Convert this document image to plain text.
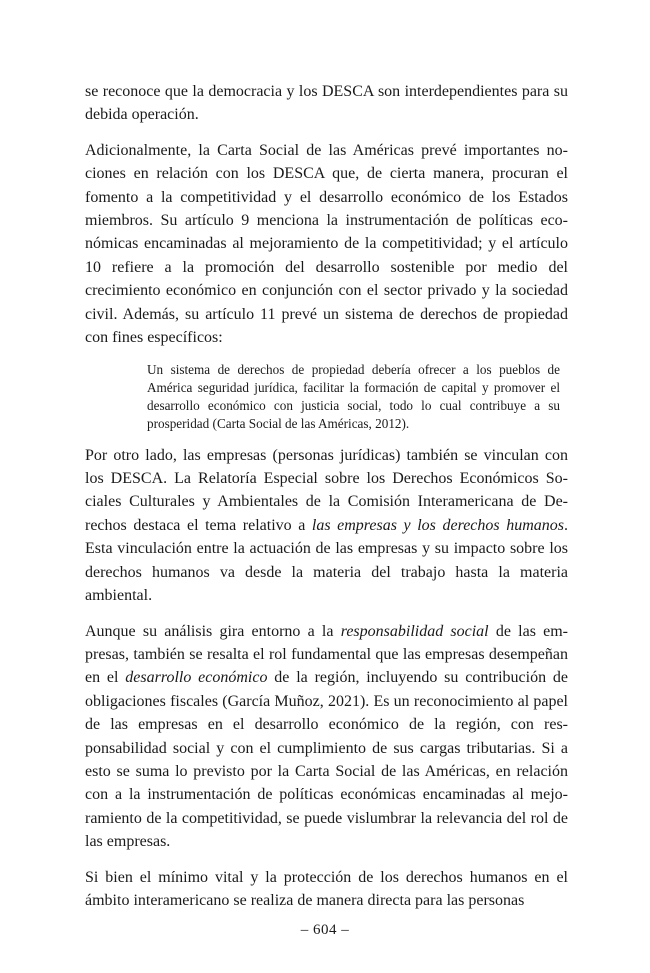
se reconoce que la democracia y los DESCA son interdependientes para su debida operación.

Adicionalmente, la Carta Social de las Américas prevé importantes nociones en relación con los DESCA que, de cierta manera, procuran el fomento a la competitividad y el desarrollo económico de los Estados miembros. Su artículo 9 menciona la instrumentación de políticas económicas encaminadas al mejoramiento de la competitividad; y el artículo 10 refiere a la promoción del desarrollo sostenible por medio del crecimiento económico en conjunción con el sector privado y la sociedad civil. Además, su artículo 11 prevé un sistema de derechos de propiedad con fines específicos:

Un sistema de derechos de propiedad debería ofrecer a los pueblos de América seguridad jurídica, facilitar la formación de capital y promover el desarrollo económico con justicia social, todo lo cual contribuye a su prosperidad (Carta Social de las Américas, 2012).

Por otro lado, las empresas (personas jurídicas) también se vinculan con los DESCA. La Relatoría Especial sobre los Derechos Económicos Sociales Culturales y Ambientales de la Comisión Interamericana de Derechos destaca el tema relativo a las empresas y los derechos humanos. Esta vinculación entre la actuación de las empresas y su impacto sobre los derechos humanos va desde la materia del trabajo hasta la materia ambiental.

Aunque su análisis gira entorno a la responsabilidad social de las empresas, también se resalta el rol fundamental que las empresas desempeñan en el desarrollo económico de la región, incluyendo su contribución de obligaciones fiscales (García Muñoz, 2021). Es un reconocimiento al papel de las empresas en el desarrollo económico de la región, con responsabilidad social y con el cumplimiento de sus cargas tributarias. Si a esto se suma lo previsto por la Carta Social de las Américas, en relación con a la instrumentación de políticas económicas encaminadas al mejoramiento de la competitividad, se puede vislumbrar la relevancia del rol de las empresas.

Si bien el mínimo vital y la protección de los derechos humanos en el ámbito interamericano se realiza de manera directa para las personas

– 604 –
